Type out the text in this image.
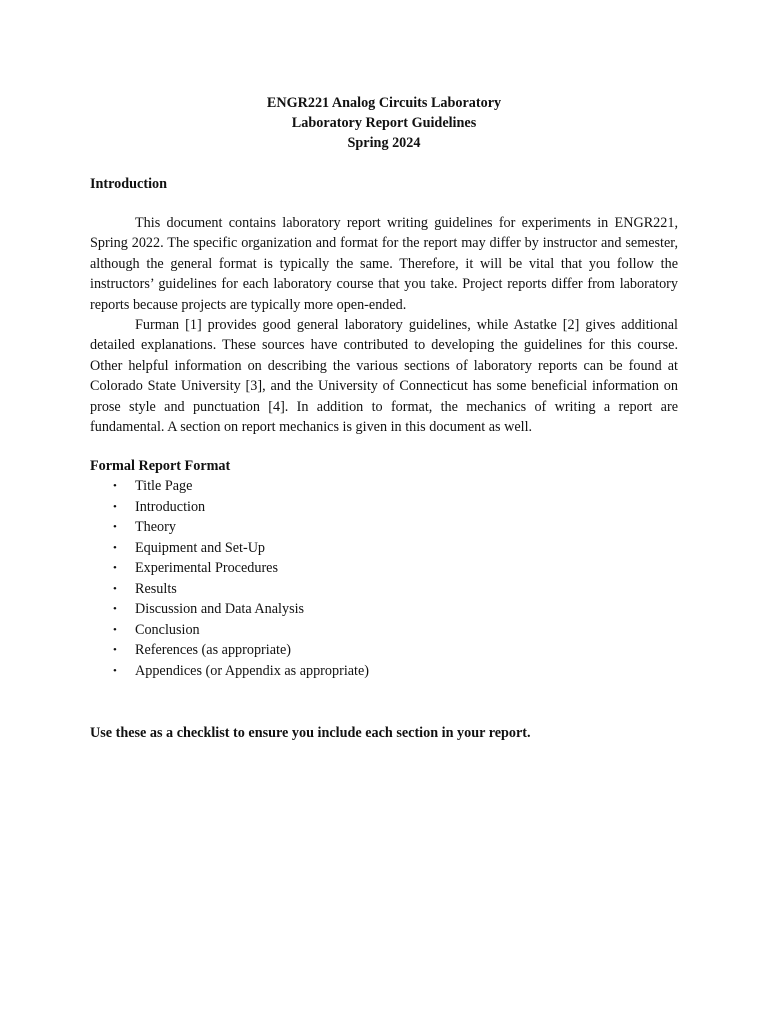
ENGR221 Analog Circuits Laboratory
Laboratory Report Guidelines
Spring 2024
Introduction

This document contains laboratory report writing guidelines for experiments in ENGR221, Spring 2022. The specific organization and format for the report may differ by instructor and semester, although the general format is typically the same. Therefore, it will be vital that you follow the instructors’ guidelines for each laboratory course that you take. Project reports differ from laboratory reports because projects are typically more open-ended.

Furman [1] provides good general laboratory guidelines, while Astatke [2] gives additional detailed explanations. These sources have contributed to developing the guidelines for this course. Other helpful information on describing the various sections of laboratory reports can be found at Colorado State University [3], and the University of Connecticut has some beneficial information on prose style and punctuation [4]. In addition to format, the mechanics of writing a report are fundamental. A section on report mechanics is given in this document as well.

Formal Report Format
• Title Page
• Introduction
• Theory
• Equipment and Set-Up
• Experimental Procedures
• Results
• Discussion and Data Analysis
• Conclusion
• References (as appropriate)
• Appendices (or Appendix as appropriate)
Use these as a checklist to ensure you include each section in your report.
